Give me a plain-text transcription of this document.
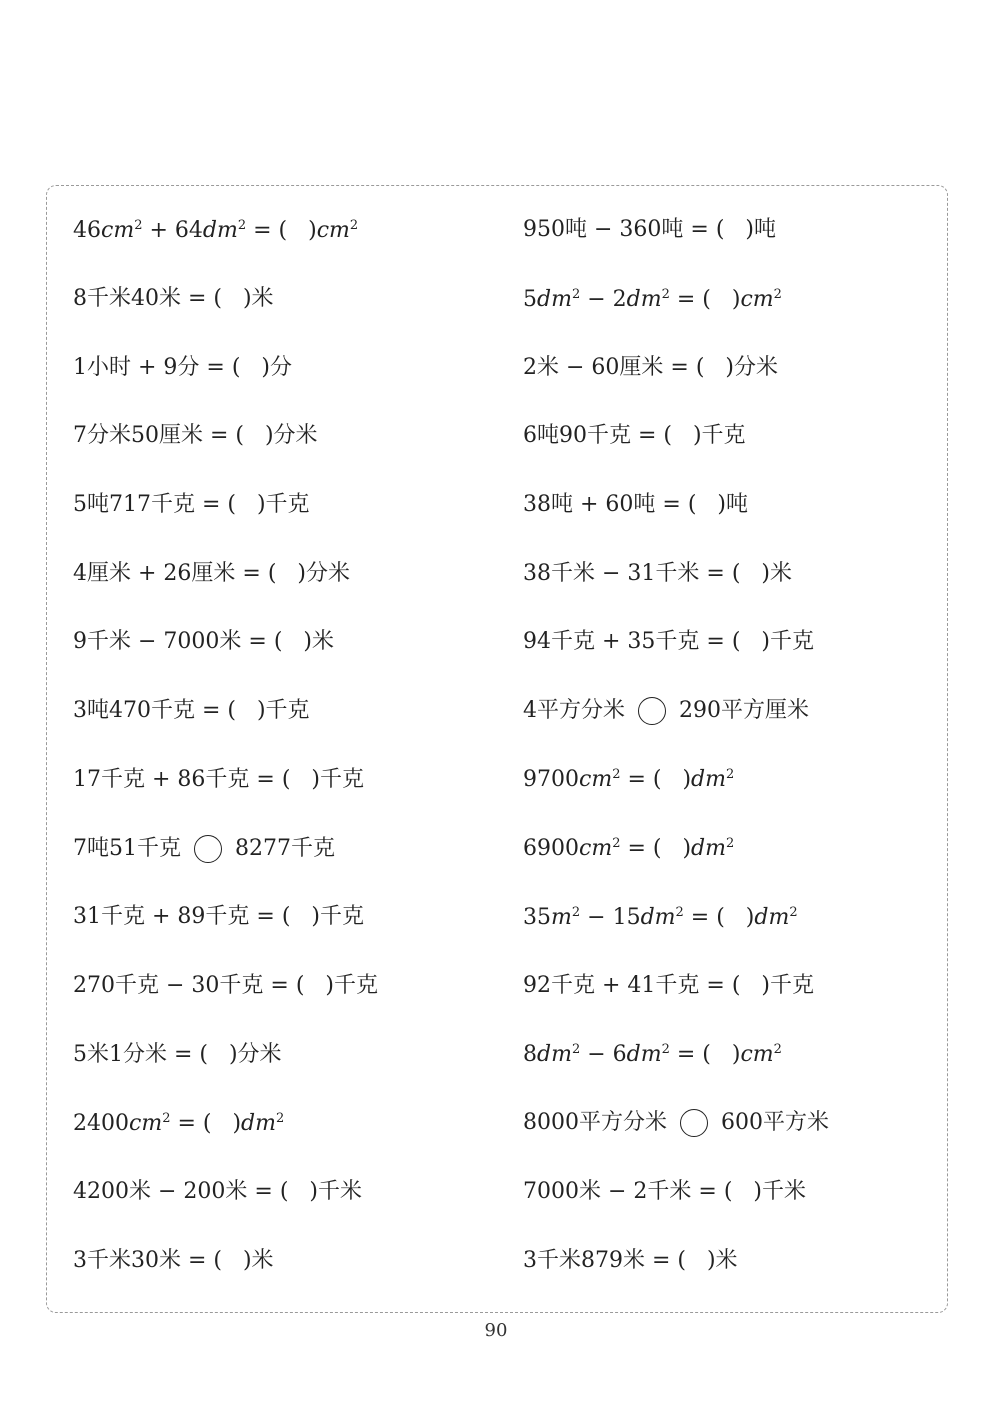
$46cm^2 + 64dm^2$ = (   )$cm^2$
8千米40米 = (   )米
1小时 + 9分 = (   )分
7分米50厘米 = (   )分米
5吨717千克 = (   )千克
4厘米 + 26厘米 = (   )分米
9千米 − 7000米 = (   )米
3吨470千克 = (   )千克
17千克 + 86千克 = (   )千克
7吨51千克 8277千克
31千克 + 89千克 = (   )千克
270千克 − 30千克 = (   )千克
5米1分米 = (   )分米
$2400cm^2$ = (   )$dm^2$
4200米 − 200米 = (   )千米
3千米30米 = (   )米
950吨 − 360吨 = (   )吨
$5dm^2 - 2dm^2$ = (   )$cm^2$
2米 − 60厘米 = (   )分米
6吨90千克 = (   )千克
38吨 + 60吨 = (   )吨
38千米 − 31千米 = (   )米
94千克 + 35千克 = (   )千克
4平方分米 290平方厘米
$9700cm^2$ = (   )$dm^2$
$6900cm^2$ = (   )$dm^2$
$35m^2 - 15dm^2$ = (   )$dm^2$
92千克 + 41千克 = (   )千克
$8dm^2 - 6dm^2$ = (   )$cm^2$
8000平方分米 600平方米
7000米 − 2千米 = (   )千米
3千米879米 = (   )米
90
